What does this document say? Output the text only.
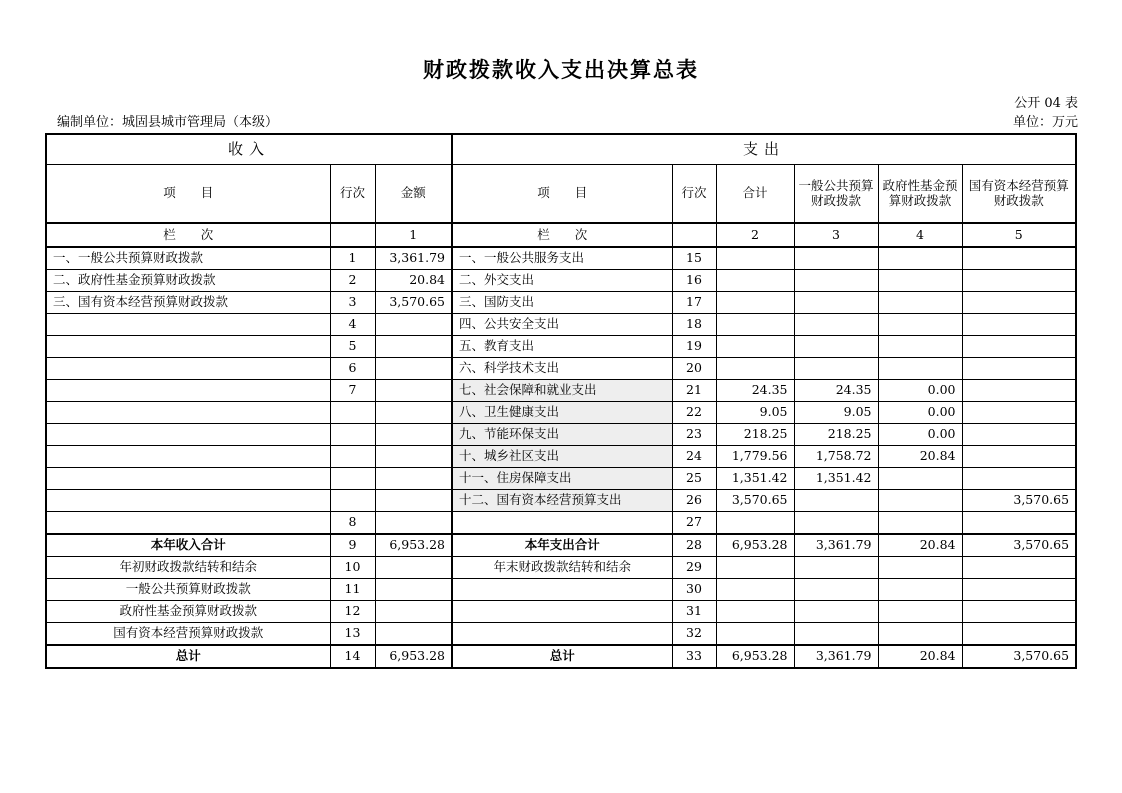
财政拨款收入支出决算总表
公开 04 表
编制单位：城固县城市管理局（本级）	单位：万元
收入			支出					
项　　目	行次	金额	项　　目	行次	合计	一般公共预算财政拨款	政府性基金预算财政拨款	国有资本经营预算财政拨款
栏　　次		1	栏　　次		2	3	4	5
一、一般公共预算财政拨款	1	3,361.79	一、一般公共服务支出	15				
二、政府性基金预算财政拨款	2	20.84	二、外交支出	16				
三、国有资本经营预算财政拨款	3	3,570.65	三、国防支出	17				
	4		四、公共安全支出	18				
	5		五、教育支出	19				
	6		六、科学技术支出	20				
	7		七、社会保障和就业支出	21	24.35	24.35	0.00	
			八、卫生健康支出	22	9.05	9.05	0.00	
			九、节能环保支出	23	218.25	218.25	0.00	
			十、城乡社区支出	24	1,779.56	1,758.72	20.84	
			十一、住房保障支出	25	1,351.42	1,351.42		
			十二、国有资本经营预算支出	26	3,570.65			3,570.65
	8			27				
本年收入合计	9	6,953.28	本年支出合计	28	6,953.28	3,361.79	20.84	3,570.65
年初财政拨款结转和结余	10		年末财政拨款结转和结余	29				
一般公共预算财政拨款	11			30				
政府性基金预算财政拨款	12			31				
国有资本经营预算财政拨款	13			32				
总计	14	6,953.28	总计	33	6,953.28	3,361.79	20.84	3,570.65
